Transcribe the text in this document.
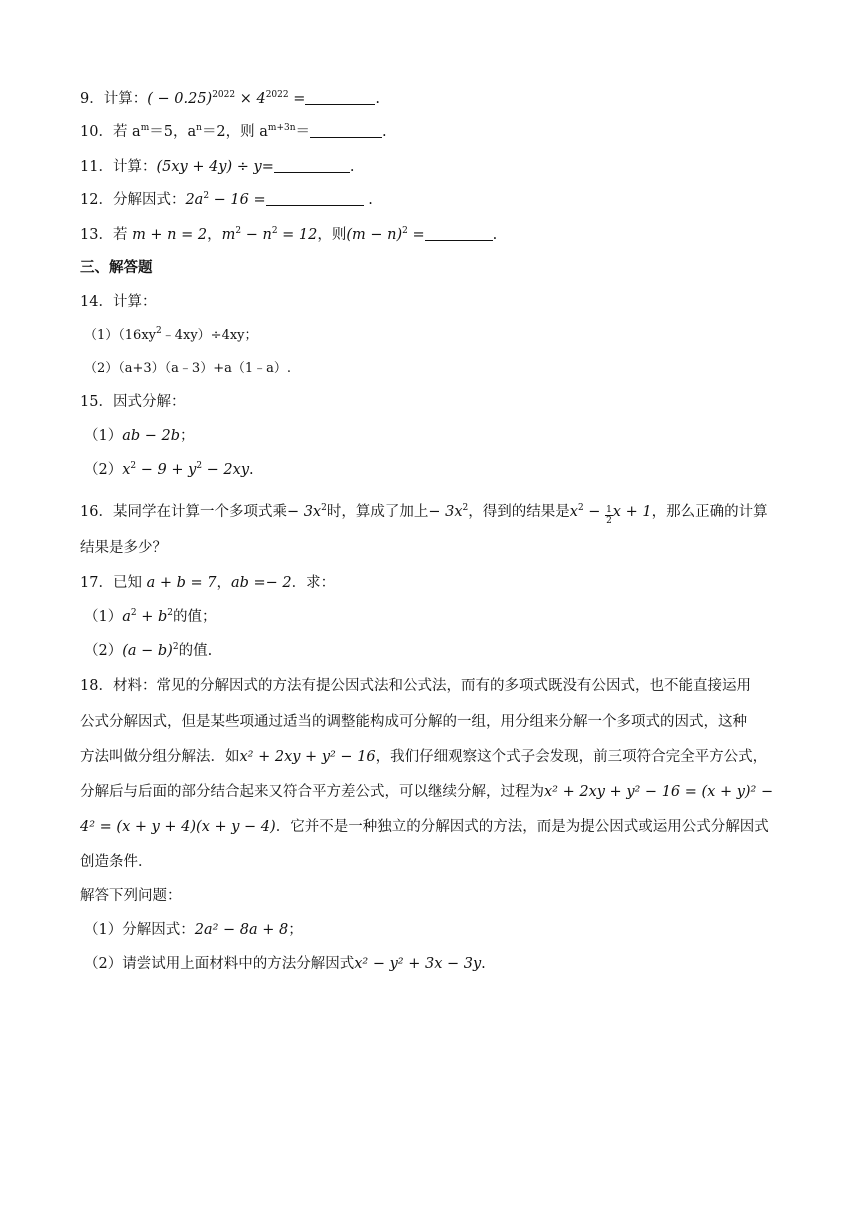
9．计算：( − $0.25)^{2022} \times 4^{2022}$ =	.
10．若 $a^m=5$，$a^n=2$，则 $a^{m+3n}=$	.
11．计算：(5xy + 4y) ÷ y=	.
12．分解因式：$2a^2 - 16$ =	.
13．若 m + n = 2，$m^2 - n^2 = 12$，则$(m - n)^2$ =	.
三、解答题
14．计算：
$(1)(16xy^2﹣4xy)\div 4xy$；
（2）（a+3）（a﹣3）+a（1﹣a）.
15．因式分解：
（1）ab − 2b；
$(2)x^2 - 9 + y^2 - 2xy$.
16．某同学在计算一个多项式乘− $3x^2$时，算成了加上− $3x^2$，得到的结果是$x^2 - \frac{1}{2}$ x + 1，那么正确的计算
结果是多少？
17．已知 a + b = 7，ab =− 2．求：
$(1)a^2 + b^2$的值；
$(2)(a - b)^2$的值.
18．材料：常见的分解因式的方法有提公因式法和公式法，而有的多项式既没有公因式，也不能直接运用
公式分解因式，但是某些项通过适当的调整能构成可分解的一组，用分组来分解一个多项式的因式，这种
方法叫做分组分解法．如x² + 2xy + y² − 16，我们仔细观察这个式子会发现，前三项符合完全平方公式，
分解后与后面的部分结合起来又符合平方差公式，可以继续分解，过程为x² + 2xy + y² − 16 = (x + y)² −
4² = (x + y + 4)(x + y − 4)．它并不是一种独立的分解因式的方法，而是为提公因式或运用公式分解因式
创造条件．
解答下列问题：
（1）分解因式：2a² − 8a + 8；
（2）请尝试用上面材料中的方法分解因式x² − y² + 3x − 3y.
